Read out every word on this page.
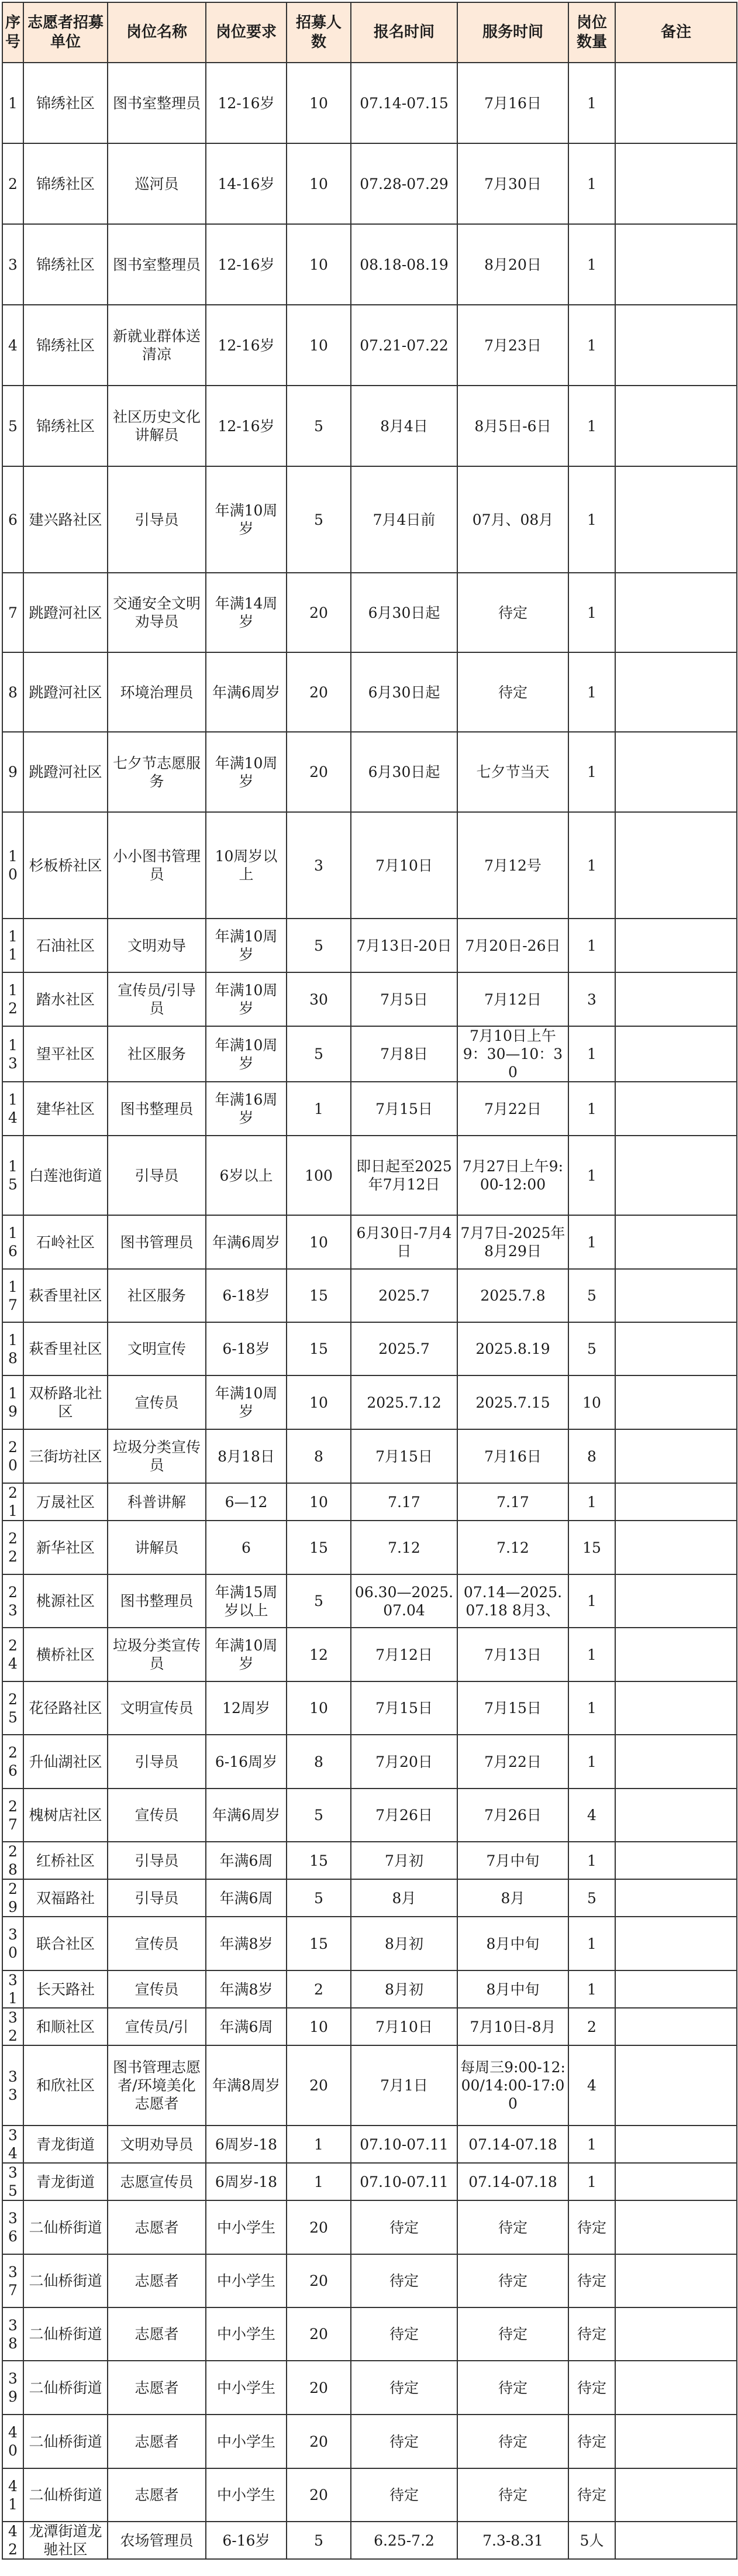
序号	志愿者招募单位	岗位名称	岗位要求	招募人数	报名时间	服务时间	岗位数量	备注
1	锦绣社区	图书室整理员	12-16岁	10	07.14-07.15	7月16日	1	
2	锦绣社区	巡河员	14-16岁	10	07.28-07.29	7月30日	1	
3	锦绣社区	图书室整理员	12-16岁	10	08.18-08.19	8月20日	1	
4	锦绣社区	新就业群体送清凉	12-16岁	10	07.21-07.22	7月23日	1	
5	锦绣社区	社区历史文化讲解员	12-16岁	5	8月4日	8月5日-6日	1	
6	建兴路社区	引导员	年满10周岁	5	7月4日前	07月、08月	1	
7	跳蹬河社区	交通安全文明劝导员	年满14周岁	20	6月30日起	待定	1	
8	跳蹬河社区	环境治理员	年满6周岁	20	6月30日起	待定	1	
9	跳蹬河社区	七夕节志愿服务	年满10周岁	20	6月30日起	七夕节当天	1	
10	杉板桥社区	小小图书管理员	10周岁以上	3	7月10日	7月12号	1	
11	石油社区	文明劝导	年满10周岁	5	7月13日-20日	7月20日-26日	1	
12	踏水社区	宣传员/引导员	年满10周岁	30	7月5日	7月12日	3	
13	望平社区	社区服务	年满10周岁	5	7月8日	7月10日上午9：30—10：30	1	
14	建华社区	图书整理员	年满16周岁	1	7月15日	7月22日	1	
15	白莲池街道	引导员	6岁以上	100	即日起至2025年7月12日	7月27日上午9:00-12:00	1	
16	石岭社区	图书管理员	年满6周岁	10	6月30日-7月4日	7月7日-2025年8月29日	1	
17	萩香里社区	社区服务	6-18岁	15	2025.7	2025.7.8	5	
18	萩香里社区	文明宣传	6-18岁	15	2025.7	2025.8.19	5	
19	双桥路北社区	宣传员	年满10周岁	10	2025.7.12	2025.7.15	10	
20	三街坊社区	垃圾分类宣传员	8月18日	8	7月15日	7月16日	8	
21	万晟社区	科普讲解	6—12	10	7.17	7.17	1	
22	新华社区	讲解员	6	15	7.12	7.12	15	
23	桃源社区	图书整理员	年满15周岁以上	5	06.30—2025.07.04	07.14—2025.07.18 8月3、	1	
24	横桥社区	垃圾分类宣传员	年满10周岁	12	7月12日	7月13日	1	
25	花径路社区	文明宣传员	12周岁	10	7月15日	7月15日	1	
26	升仙湖社区	引导员	6-16周岁	8	7月20日	7月22日	1	
27	槐树店社区	宣传员	年满6周岁	5	7月26日	7月26日	4	
28	红桥社区	引导员	年满6周	15	7月初	7月中旬	1	
29	双福路社	引导员	年满6周	5	8月	8月	5	
30	联合社区	宣传员	年满8岁	15	8月初	8月中旬	1	
31	长天路社	宣传员	年满8岁	2	8月初	8月中旬	1	
32	和顺社区	宣传员/引	年满6周	10	7月10日	7月10日-8月	2	
33	和欣社区	图书管理志愿者/环境美化志愿者	年满8周岁	20	7月1日	每周三9:00-12:00/14:00-17:00	4	
34	青龙街道	文明劝导员	6周岁-18	1	07.10-07.11	07.14-07.18	1	
35	青龙街道	志愿宣传员	6周岁-18	1	07.10-07.11	07.14-07.18	1	
36	二仙桥街道	志愿者	中小学生	20	待定	待定	待定	
37	二仙桥街道	志愿者	中小学生	20	待定	待定	待定	
38	二仙桥街道	志愿者	中小学生	20	待定	待定	待定	
39	二仙桥街道	志愿者	中小学生	20	待定	待定	待定	
40	二仙桥街道	志愿者	中小学生	20	待定	待定	待定	
41	二仙桥街道	志愿者	中小学生	20	待定	待定	待定	
42	龙潭街道龙驰社区	农场管理员	6-16岁	5	6.25-7.2	7.3-8.31	5人	
